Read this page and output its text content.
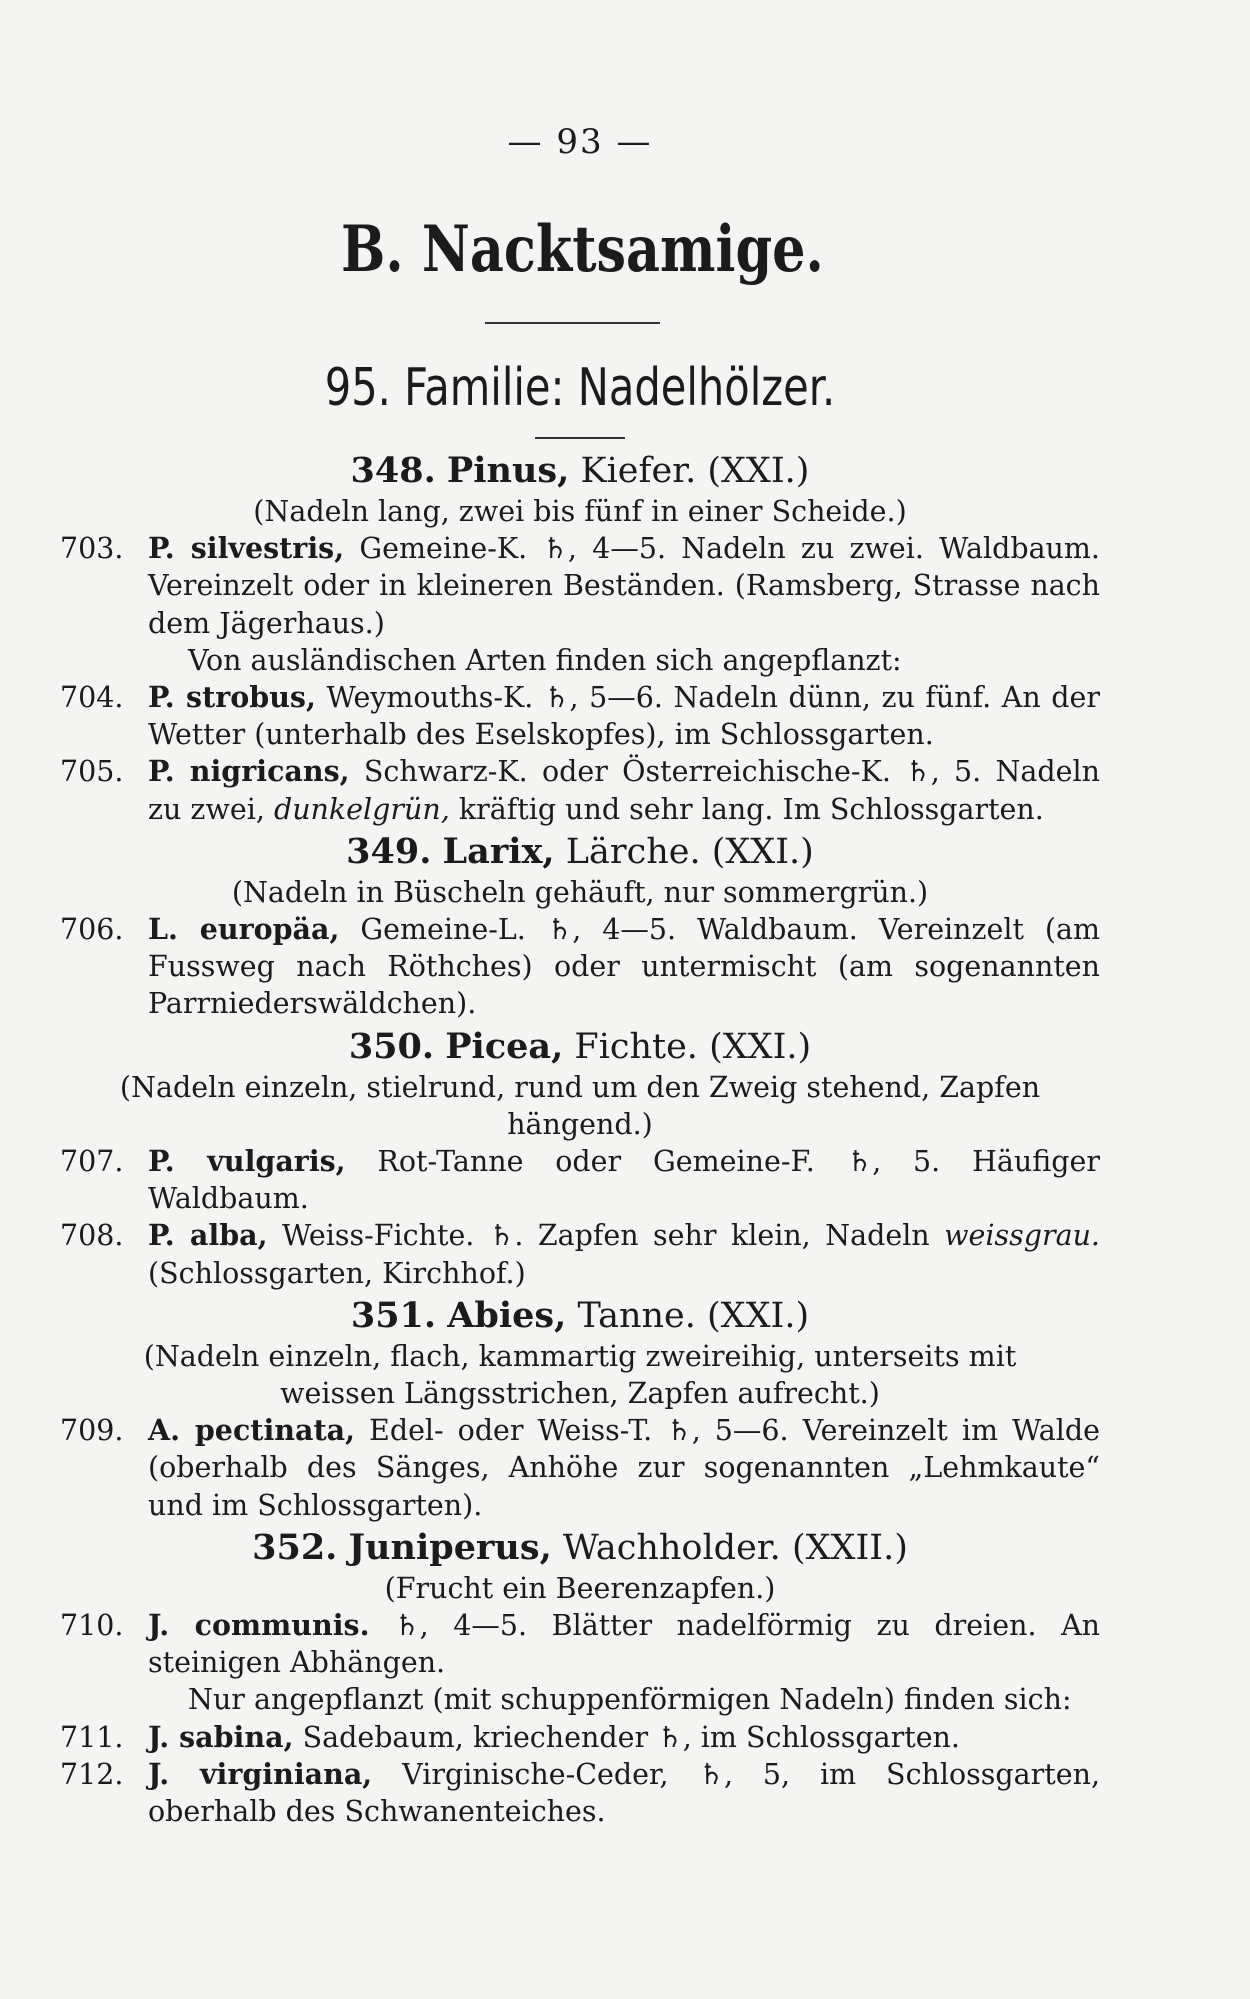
— 93 —
B. Nacktsamige.
95. Familie: Nadelhölzer.
348. Pinus, Kiefer. (XXI.)
(Nadeln lang, zwei bis fünf in einer Scheide.)
703. P. silvestris, Gemeine-K. ♄, 4—5. Nadeln zu zwei. Waldbaum. Vereinzelt oder in kleineren Beständen. (Ramsberg, Strasse nach dem Jägerhaus.)
Von ausländischen Arten finden sich angepflanzt:
704. P. strobus, Weymouths-K. ♄, 5—6. Nadeln dünn, zu fünf. An der Wetter (unterhalb des Eselskopfes), im Schlossgarten.
705. P. nigricans, Schwarz-K. oder Österreichische-K. ♄, 5. Nadeln zu zwei, dunkelgrün, kräftig und sehr lang. Im Schlossgarten.
349. Larix, Lärche. (XXI.)
(Nadeln in Büscheln gehäuft, nur sommergrün.)
706. L. europäa, Gemeine-L. ♄, 4—5. Waldbaum. Vereinzelt (am Fussweg nach Röthches) oder untermischt (am sogenannten Parrniederswäldchen).
350. Picea, Fichte. (XXI.)
(Nadeln einzeln, stielrund, rund um den Zweig stehend, Zapfen hängend.)
707. P. vulgaris, Rot-Tanne oder Gemeine-F. ♄, 5. Häufiger Waldbaum.
708. P. alba, Weiss-Fichte. ♄. Zapfen sehr klein, Nadeln weissgrau. (Schlossgarten, Kirchhof.)
351. Abies, Tanne. (XXI.)
(Nadeln einzeln, flach, kammartig zweireihig, unterseits mit weissen Längsstrichen, Zapfen aufrecht.)
709. A. pectinata, Edel- oder Weiss-T. ♄, 5—6. Vereinzelt im Walde (oberhalb des Sänges, Anhöhe zur sogenannten „Lehmkaute“ und im Schlossgarten).
352. Juniperus, Wachholder. (XXII.)
(Frucht ein Beerenzapfen.)
710. J. communis. ♄, 4—5. Blätter nadelförmig zu dreien. An steinigen Abhängen.
Nur angepflanzt (mit schuppenförmigen Nadeln) finden sich:
711. J. sabina, Sadebaum, kriechender ♄, im Schlossgarten.
712. J. virginiana, Virginische-Ceder, ♄, 5, im Schlossgarten, oberhalb des Schwanenteiches.
